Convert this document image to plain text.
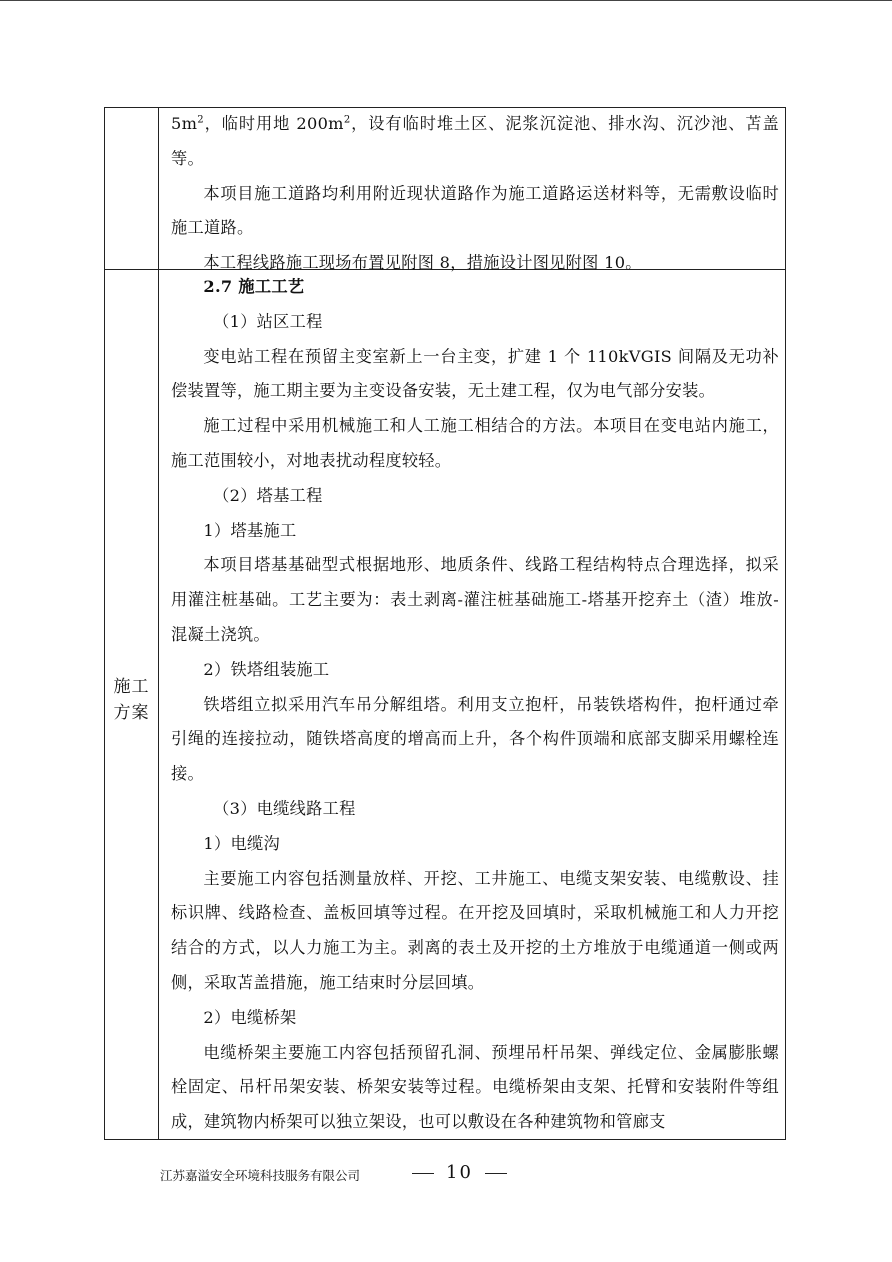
$5m^2$，临时用地 $200m^2$，设有临时堆土区、泥浆沉淀池、排水沟、沉沙池、苫盖等。

本项目施工道路均利用附近现状道路作为施工道路运送材料等，无需敷设临时施工道路。

本工程线路施工现场布置见附图 8，措施设计图见附图 10。

施工方案

2.7 施工工艺

（1）站区工程

变电站工程在预留主变室新上一台主变，扩建 1 个 110kVGIS 间隔及无功补偿装置等，施工期主要为主变设备安装，无土建工程，仅为电气部分安装。

施工过程中采用机械施工和人工施工相结合的方法。本项目在变电站内施工，施工范围较小，对地表扰动程度较轻。

（2）塔基工程

1）塔基施工

本项目塔基基础型式根据地形、地质条件、线路工程结构特点合理选择，拟采用灌注桩基础。工艺主要为：表土剥离-灌注桩基础施工-塔基开挖弃土（渣）堆放-混凝土浇筑。

2）铁塔组装施工

铁塔组立拟采用汽车吊分解组塔。利用支立抱杆，吊装铁塔构件，抱杆通过牵引绳的连接拉动，随铁塔高度的增高而上升，各个构件顶端和底部支脚采用螺栓连接。

（3）电缆线路工程

1）电缆沟

主要施工内容包括测量放样、开挖、工井施工、电缆支架安装、电缆敷设、挂标识牌、线路检查、盖板回填等过程。在开挖及回填时，采取机械施工和人力开挖结合的方式，以人力施工为主。剥离的表土及开挖的土方堆放于电缆通道一侧或两侧，采取苫盖措施，施工结束时分层回填。

2）电缆桥架

电缆桥架主要施工内容包括预留孔洞、预埋吊杆吊架、弹线定位、金属膨胀螺栓固定、吊杆吊架安装、桥架安装等过程。电缆桥架由支架、托臂和安装附件等组成，建筑物内桥架可以独立架设，也可以敷设在各种建筑物和管廊支

江苏嘉溢安全环境科技服务有限公司	10
